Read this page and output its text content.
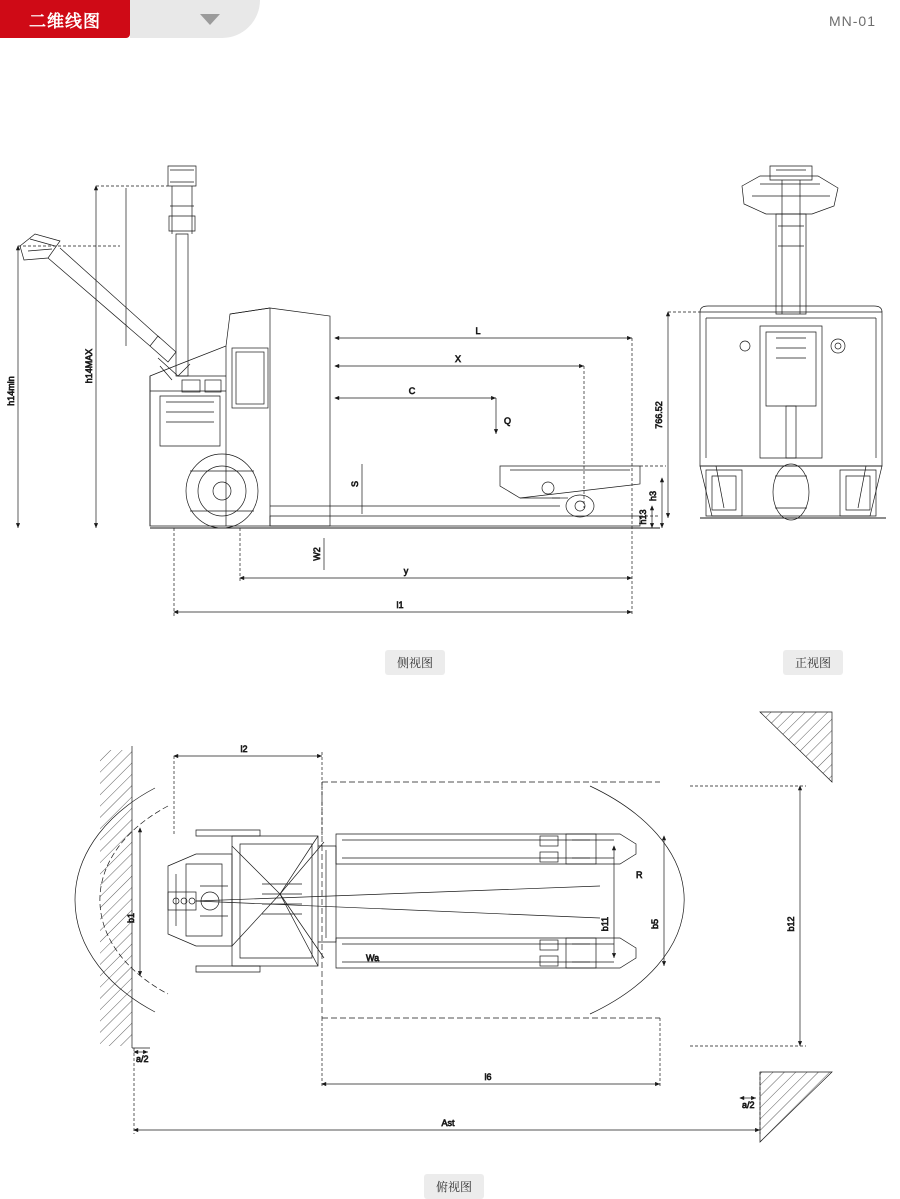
二维线图	MN-01
h14min
h14MAX
L
X
C
Q
S
h13
h3
W2
y
l1
766.52
R
Wa
l2
b1	b11	b5	b12
l6
a/2
a/2
Ast
侧视图	正视图
俯视图
